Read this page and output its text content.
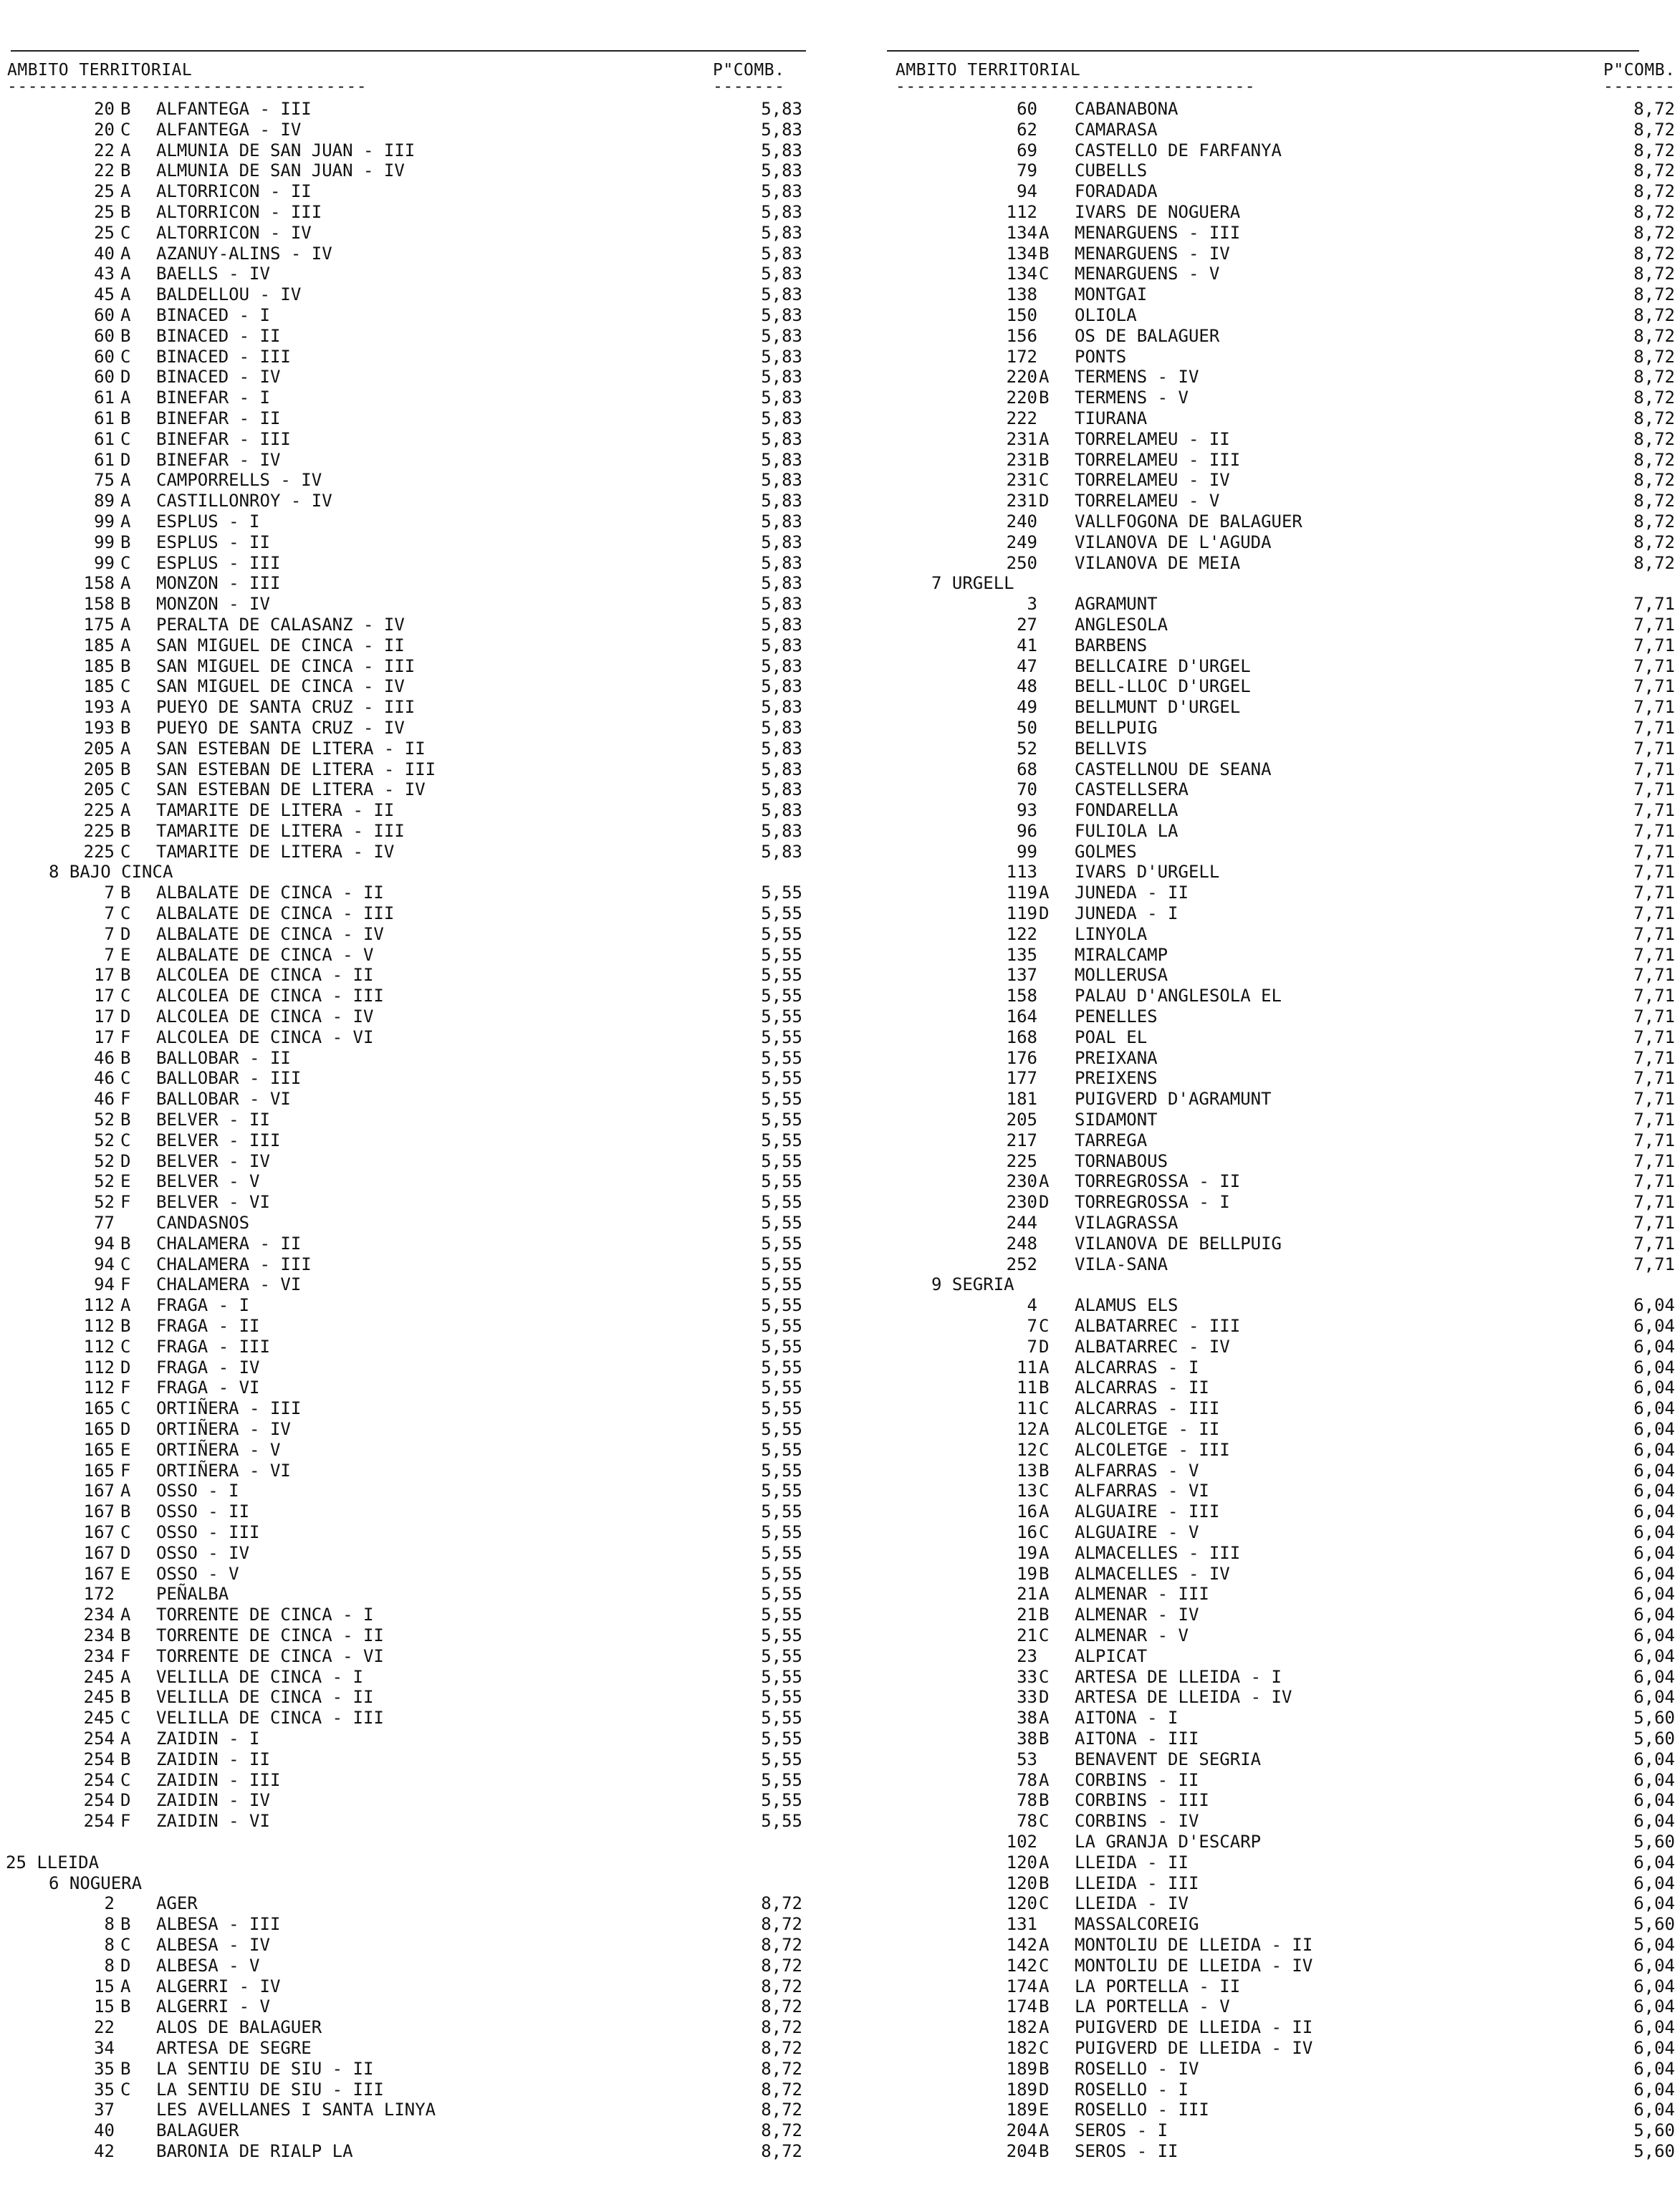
AMBITO TERRITORIAL	P"COMB.
-----------------------------------	-------
20 B	ALFANTEGA - III	5,83
20 C	ALFANTEGA - IV	5,83
22 A	ALMUNIA DE SAN JUAN - III	5,83
22 B	ALMUNIA DE SAN JUAN - IV	5,83
25 A	ALTORRICON - II	5,83
25 B	ALTORRICON - III	5,83
25 C	ALTORRICON - IV	5,83
40 A	AZANUY-ALINS - IV	5,83
43 A	BAELLS - IV	5,83
45 A	BALDELLOU - IV	5,83
60 A	BINACED - I	5,83
60 B	BINACED - II	5,83
60 C	BINACED - III	5,83
60 D	BINACED - IV	5,83
61 A	BINEFAR - I	5,83
61 B	BINEFAR - II	5,83
61 C	BINEFAR - III	5,83
61 D	BINEFAR - IV	5,83
75 A	CAMPORRELLS - IV	5,83
89 A	CASTILLONROY - IV	5,83
99 A	ESPLUS - I	5,83
99 B	ESPLUS - II	5,83
99 C	ESPLUS - III	5,83
158 A	MONZON - III	5,83
158 B	MONZON - IV	5,83
175 A	PERALTA DE CALASANZ - IV	5,83
185 A	SAN MIGUEL DE CINCA - II	5,83
185 B	SAN MIGUEL DE CINCA - III	5,83
185 C	SAN MIGUEL DE CINCA - IV	5,83
193 A	PUEYO DE SANTA CRUZ - III	5,83
193 B	PUEYO DE SANTA CRUZ - IV	5,83
205 A	SAN ESTEBAN DE LITERA - II	5,83
205 B	SAN ESTEBAN DE LITERA - III	5,83
205 C	SAN ESTEBAN DE LITERA - IV	5,83
225 A	TAMARITE DE LITERA - II	5,83
225 B	TAMARITE DE LITERA - III	5,83
225 C	TAMARITE DE LITERA - IV	5,83
8 BAJO CINCA
7 B	ALBALATE DE CINCA - II	5,55
7 C	ALBALATE DE CINCA - III	5,55
7 D	ALBALATE DE CINCA - IV	5,55
7 E	ALBALATE DE CINCA - V	5,55
17 B	ALCOLEA DE CINCA - II	5,55
17 C	ALCOLEA DE CINCA - III	5,55
17 D	ALCOLEA DE CINCA - IV	5,55
17 F	ALCOLEA DE CINCA - VI	5,55
46 B	BALLOBAR - II	5,55
46 C	BALLOBAR - III	5,55
46 F	BALLOBAR - VI	5,55
52 B	BELVER - II	5,55
52 C	BELVER - III	5,55
52 D	BELVER - IV	5,55
52 E	BELVER - V	5,55
52 F	BELVER - VI	5,55
77 CANDASNOS	5,55
94 B	CHALAMERA - II	5,55
94 C	CHALAMERA - III	5,55
94 F	CHALAMERA - VI	5,55
112 A	FRAGA - I	5,55
112 B	FRAGA - II	5,55
112 C	FRAGA - III	5,55
112 D	FRAGA - IV	5,55
112 F	FRAGA - VI	5,55
165 C	ORTIÑERA - III	5,55
165 D	ORTIÑERA - IV	5,55
165 E	ORTIÑERA - V	5,55
165 F	ORTIÑERA - VI	5,55
167 A	OSSO - I	5,55
167 B	OSSO - II	5,55
167 C	OSSO - III	5,55
167 D	OSSO - IV	5,55
167 E	OSSO - V	5,55
172 PEÑALBA	5,55
234 A	TORRENTE DE CINCA - I	5,55
234 B	TORRENTE DE CINCA - II	5,55
234 F	TORRENTE DE CINCA - VI	5,55
245 A	VELILLA DE CINCA - I	5,55
245 B	VELILLA DE CINCA - II	5,55
245 C	VELILLA DE CINCA - III	5,55
254 A	ZAIDIN - I	5,55
254 B	ZAIDIN - II	5,55
254 C	ZAIDIN - III	5,55
254 D	ZAIDIN - IV	5,55
254 F	ZAIDIN - VI	5,55
25 LLEIDA
6 NOGUERA
2 AGER	8,72
8 B	ALBESA - III	8,72
8 C	ALBESA - IV	8,72
8 D	ALBESA - V	8,72
15 A	ALGERRI - IV	8,72
15 B	ALGERRI - V	8,72
22 ALOS DE BALAGUER	8,72
34 ARTESA DE SEGRE	8,72
35 B	LA SENTIU DE SIU - II	8,72
35 C	LA SENTIU DE SIU - III	8,72
37 LES AVELLANES I SANTA LINYA	8,72
40 BALAGUER	8,72
42 BARONIA DE RIALP LA	8,72
AMBITO TERRITORIAL	P"COMB.
-----------------------------------	-------
60 CABANABONA	8,72
62 CAMARASA	8,72
69 CASTELLO DE FARFANYA	8,72
79 CUBELLS	8,72
94 FORADADA	8,72
112 IVARS DE NOGUERA	8,72
134 A	MENARGUENS - III	8,72
134 B	MENARGUENS - IV	8,72
134 C	MENARGUENS - V	8,72
138 MONTGAI	8,72
150 OLIOLA	8,72
156 OS DE BALAGUER	8,72
172 PONTS	8,72
220 A	TERMENS - IV	8,72
220 B	TERMENS - V	8,72
222 TIURANA	8,72
231 A	TORRELAMEU - II	8,72
231 B	TORRELAMEU - III	8,72
231 C	TORRELAMEU - IV	8,72
231 D	TORRELAMEU - V	8,72
240 VALLFOGONA DE BALAGUER	8,72
249 VILANOVA DE L'AGUDA	8,72
250 VILANOVA DE MEIA	8,72
7 URGELL
3 AGRAMUNT	7,71
27 ANGLESOLA	7,71
41 BARBENS	7,71
47 BELLCAIRE D'URGEL	7,71
48 BELL-LLOC D'URGEL	7,71
49 BELLMUNT D'URGEL	7,71
50 BELLPUIG	7,71
52 BELLVIS	7,71
68 CASTELLNOU DE SEANA	7,71
70 CASTELLSERA	7,71
93 FONDARELLA	7,71
96 FULIOLA LA	7,71
99 GOLMES	7,71
113 IVARS D'URGELL	7,71
119 A	JUNEDA - II	7,71
119 D	JUNEDA - I	7,71
122 LINYOLA	7,71
135 MIRALCAMP	7,71
137 MOLLERUSA	7,71
158 PALAU D'ANGLESOLA EL	7,71
164 PENELLES	7,71
168 POAL EL	7,71
176 PREIXANA	7,71
177 PREIXENS	7,71
181 PUIGVERD D'AGRAMUNT	7,71
205 SIDAMONT	7,71
217 TARREGA	7,71
225 TORNABOUS	7,71
230 A	TORREGROSSA - II	7,71
230 D	TORREGROSSA - I	7,71
244 VILAGRASSA	7,71
248 VILANOVA DE BELLPUIG	7,71
252 VILA-SANA	7,71
9 SEGRIA
4 ALAMUS ELS	6,04
7 C	ALBATARREC - III	6,04
7 D	ALBATARREC - IV	6,04
11 A	ALCARRAS - I	6,04
11 B	ALCARRAS - II	6,04
11 C	ALCARRAS - III	6,04
12 A	ALCOLETGE - II	6,04
12 C	ALCOLETGE - III	6,04
13 B	ALFARRAS - V	6,04
13 C	ALFARRAS - VI	6,04
16 A	ALGUAIRE - III	6,04
16 C	ALGUAIRE - V	6,04
19 A	ALMACELLES - III	6,04
19 B	ALMACELLES - IV	6,04
21 A	ALMENAR - III	6,04
21 B	ALMENAR - IV	6,04
21 C	ALMENAR - V	6,04
23 ALPICAT	6,04
33 C	ARTESA DE LLEIDA - I	6,04
33 D	ARTESA DE LLEIDA - IV	6,04
38 A	AITONA - I	5,60
38 B	AITONA - III	5,60
53 BENAVENT DE SEGRIA	6,04
78 A	CORBINS - II	6,04
78 B	CORBINS - III	6,04
78 C	CORBINS - IV	6,04
102 LA GRANJA D'ESCARP	5,60
120 A	LLEIDA - II	6,04
120 B	LLEIDA - III	6,04
120 C	LLEIDA - IV	6,04
131 MASSALCOREIG	5,60
142 A	MONTOLIU DE LLEIDA - II	6,04
142 C	MONTOLIU DE LLEIDA - IV	6,04
174 A	LA PORTELLA - II	6,04
174 B	LA PORTELLA - V	6,04
182 A	PUIGVERD DE LLEIDA - II	6,04
182 C	PUIGVERD DE LLEIDA - IV	6,04
189 B	ROSELLO - IV	6,04
189 D	ROSELLO - I	6,04
189 E	ROSELLO - III	6,04
204 A	SEROS - I	5,60
204 B	SEROS - II	5,60
